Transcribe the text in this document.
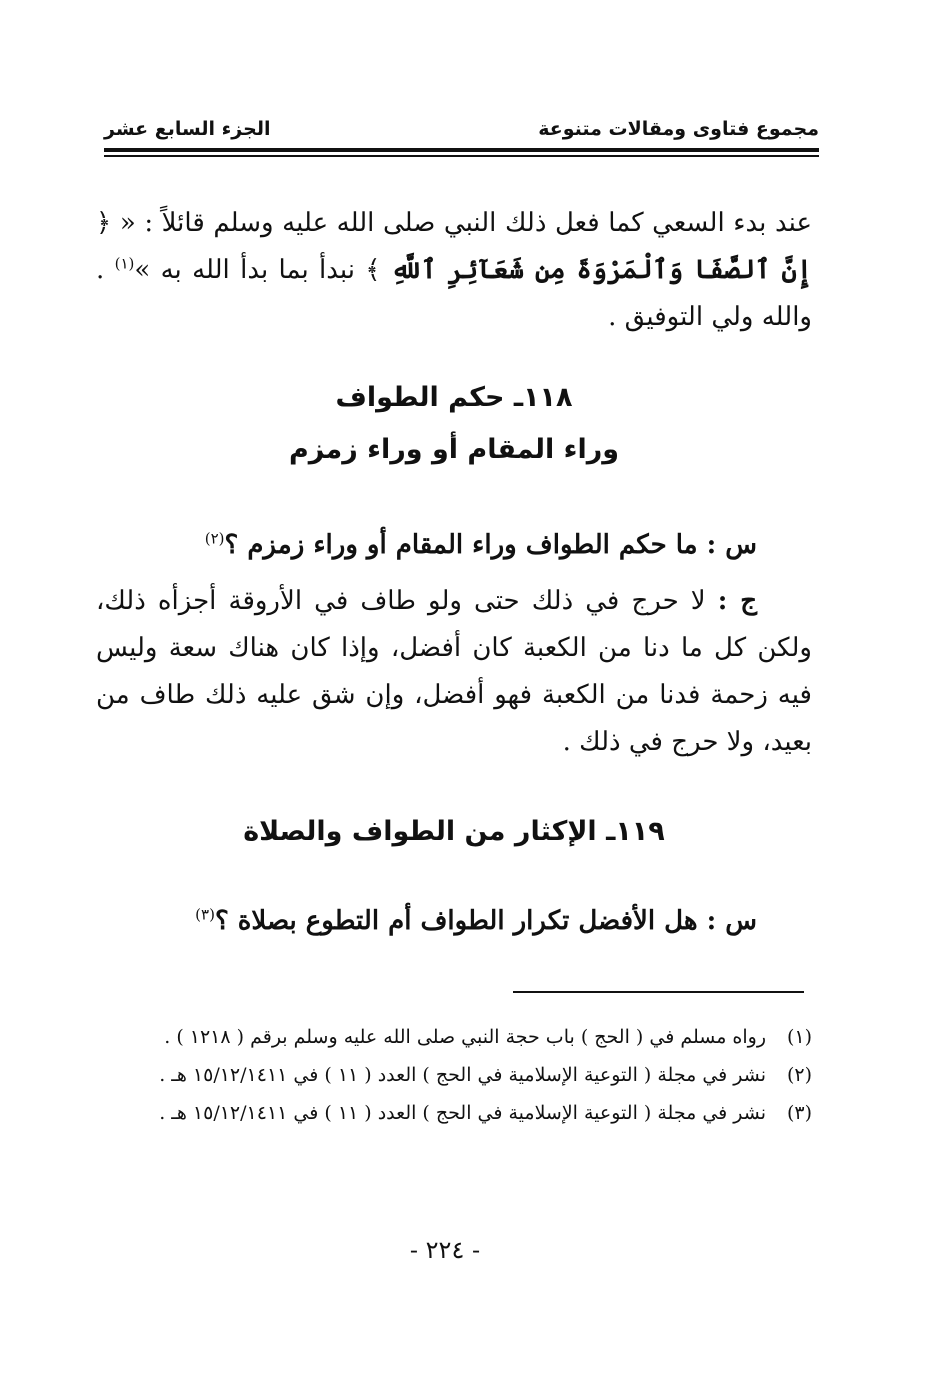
مجموع فتاوى ومقالات متنوعة
الجزء السابع عشر
عند بدء السعي كما فعل ذلك النبي صلى الله عليه وسلم قائلاً : « ﴿ إِنَّ ٱلصَّفَا وَٱلْمَرْوَةَ مِن شَعَآئِرِ ٱللَّهِ ﴾ نبدأ بما بدأ الله به »$^{(١)}$ . والله ولي التوفيق .
١١٨ـ حكم الطواف
وراء المقام أو وراء زمزم
س : ما حكم الطواف وراء المقام أو وراء زمزم ؟$^{(٢)}$
ج : لا حرج في ذلك حتى ولو طاف في الأروقة أجزأه ذلك، ولكن كل ما دنا من الكعبة كان أفضل، وإذا كان هناك سعة وليس فيه زحمة فدنا من الكعبة فهو أفضل، وإن شق عليه ذلك طاف من بعيد، ولا حرج في ذلك .
١١٩ـ الإكثار من الطواف والصلاة
س : هل الأفضل تكرار الطواف أم التطوع بصلاة ؟$^{(٣)}$
(١)
رواه مسلم في ( الحج ) باب حجة النبي صلى الله عليه وسلم برقم ( ١٢١٨ ) .
(٢)
نشر في مجلة ( التوعية الإسلامية في الحج ) العدد ( ١١ ) في ١٥/١٢/١٤١١ هـ .
(٣)
نشر في مجلة ( التوعية الإسلامية في الحج ) العدد ( ١١ ) في ١٥/١٢/١٤١١ هـ .
- ٢٢٤ -
